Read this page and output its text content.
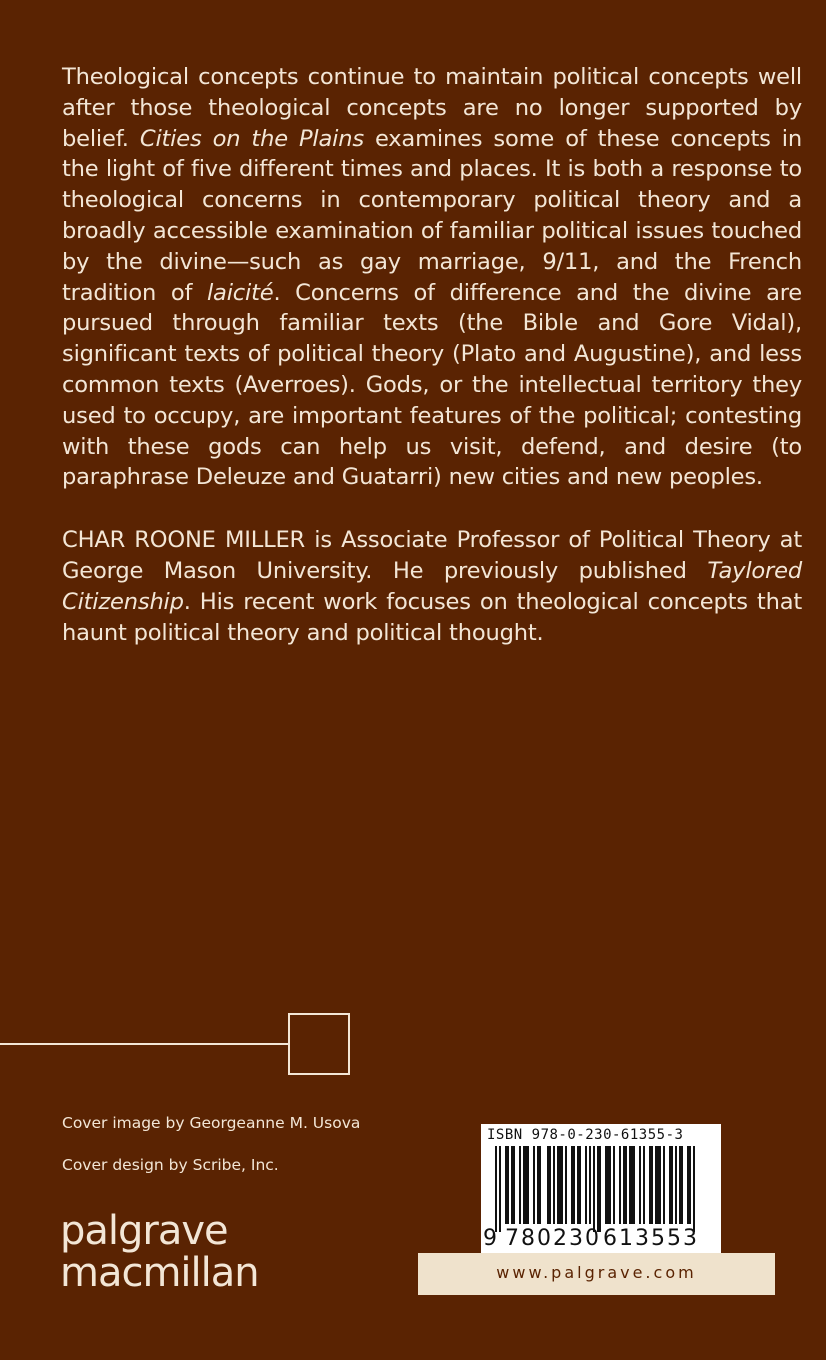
Theological concepts continue to maintain political concepts well after those theological concepts are no longer supported by belief. Cities on the Plains examines some of these concepts in the light of five different times and places. It is both a response to theological concerns in contemporary political theory and a broadly accessible examination of familiar political issues touched by the divine—such as gay marriage, 9/11, and the French tradition of laicité. Concerns of difference and the divine are pursued through familiar texts (the Bible and Gore Vidal), significant texts of political theory (Plato and Augustine), and less common texts (Averroes). Gods, or the intellectual territory they used to occupy, are important features of the political; contesting with these gods can help us visit, defend, and desire (to paraphrase Deleuze and Guatarri) new cities and new peoples.

CHAR ROONE MILLER is Associate Professor of Political Theory at George Mason University. He previously published Taylored Citizenship. His recent work focuses on theological concepts that haunt political theory and political thought.

Cover image by Georgeanne M. Usova
Cover design by Scribe, Inc.
palgrave
macmillan
ISBN 978-0-230-61355-3
9 780230 613553
www.palgrave.com
